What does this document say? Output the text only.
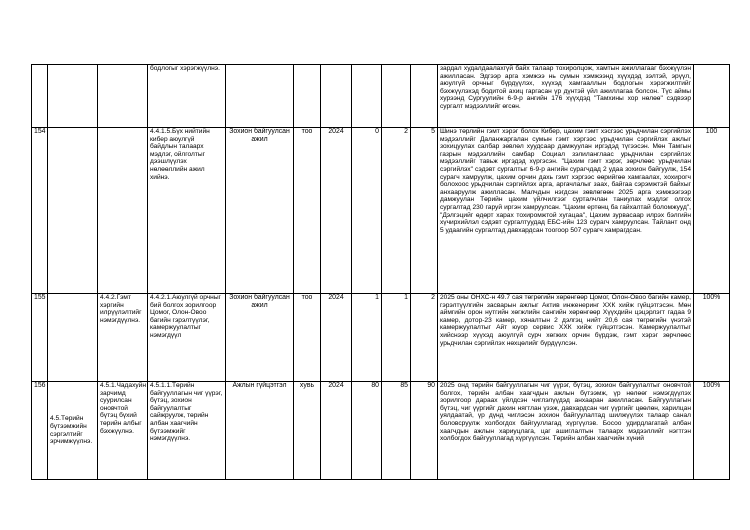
			бодлогыг хэрэгжүүлнэ.							зардал худалдаалахгүй байх талаар тохиролцож, хамтын ажиллагааг бэхжүүлэн ажилласан. Эдгээр арга хэмжээ нь сумын хэмжээнд хүүхдэд зэлтэй, эрүүл, аюулгүй орчныг бүрдүүлэх, хүүхэд хамгааллын бодлогын хэрэгжилтийг бэхжүүлэхэд бодитой ахиц гаргасан үр дүнтэй үйл ажиллагаа болсон. Түс аймы хурээнд Сургуулийн 6-9-р ангийн 176 хүүхдэд "Тамхины хор нөлөө" сэдвээр сургалт мэдээллийг өгсөн.	
154			4.4.1.5.Бүх нийтийн кибер аюулгүй байдлын талаарх мэдлэг, ойлголтыг дээшлүүлэх нөлөөллийн ажил хийнэ.	Зохион байгуулсан ажил	тоо	2024	0	2	5	Шинэ төрлийн гэмт хэрэг болох Кибер, цахим гэмт хэсгээс урьдчилан сэргийлэх мэдээллийг Даланжаргалан сумын гэмт хэргээс урьдчилан сэргийлэх ажлыг зохицуулах салбар зөвлөл хуудсаар дамжуулан иргэдэд түгээсэн. Мөн Тамгын газрын мэдээллийн самбар Социал зэлиланглаас урьдчилан сэргийлэх мэдээллийг тавьж иргэдэд хүргэсэн. "Цахим гэмт хэрэг, зөрчлөөс урьдчилан сэргийлэх" сэдэвт сургалтыг 6-9-р ангийн сурагчдад 2 удаа зохион байгуулж, 154 сурагч хамруулж, цахим орчин дахь гэмт хэргээс өөрийгөө хамгаалах, хохирогч болохоос урьдчилан сэргийлэх арга, аргачлалыг заах, байгаа сэрэмжтэй байхыг анхааруулж ажилласан. Малчдын нэгдсэн зөвлөгөөн 2025 арга хэмжээгээр дамжуулан Төрийн цахим үйлчилгээг сурталчлан таниулах мэдлэг олгох сургалтад 230 гаруй иргэн хамруулсан. "Цахим ертөнц ба гайхалтай боломжууд", "Дэлгэцийг өдөрт харах тохиромжтой хугацаа", Цахим зурвасаар илрэх бэлгийн хүчирхийлэл сэдэвт сургалтуудад ЕБС-ийн 123 сурагч хамруулсан. Тайлант онд 5 удаагийн сургалтад давхардсан тоогоор 507 сурагч хамрагдсан.	100
155		4.4.2.Гэмт хэргийн илрүүлэлтийг нэмэгдүүлнэ.	4.4.2.1.Аюулгүй орчныг бий болгох зорилгоор Цомог, Олон-Овоо багийн гэрэлтүүлэг, камержуулалтыг нэмэгдүүл	Зохион байгуулсан ажил	тоо	2024	1	1	2	2025 оны ОНХС-н 49.7 сая төгрөгийн хөрөнгөөр Цомог, Олон-Овоо багийн камер, гэрэлтүүлгийн засварын ажлыг Актив инженеринг ХХК хийж гүйцэтгэсэн. Мөн аймгийн орон нутгийн хөгжлийн сангийн хөрөнгөөр Хүүхдийн цэцэрлэгт гадаа 9 камер, дотор-23 камер, хяналтын 2 дэлгэц нийт 20,6 сая төгрөгийн үнэтэй камержуулалтыг Айт юуор сервис ХХК хийж гүйцэтгэсэн. Камержуулалтыг хийснээр хүүхэд аюулгүй сурч хөгжих орчин бүрдэж, гэмт хэрэг зөрчлөөс урьдчилан сэргийлэх нөхцөлийг бүрдүүлсэн.	100%
156	4.5.Төрийн бүтээмжийн сэргэлтийг эрчимжүүлнэ.	4.5.1.Чадахуйн зарчимд суурилсан оновчтой бүтэц бүхий төрийн албыг бэхжүүлнэ.	4.5.1.1.Төрийн байгууллагын чиг үүрэг, бүтэц, зохион байгуулалтыг сайжруулж, төрийн албан хаагчийн бүтээмжийг нэмэгдүүлнэ.	Ажлын гүйцэтгэл	хувь	2024	80	85	90	2025 онд төрийн байгууллагын чиг үүрэг, бүтэц, зохион байгуулалтыг оновчтой болгох, төрийн албан хаагчдын ажлын бүтээмж, үр нөлөөг нэмэгдүүлэх зорилгоор дараах үйлдсэн чиглэлүүдэд анхааран ажилласан. Байгууллагын бүтэц, чиг үүргийг дахин нягтлан үзэж, давхардсан чиг үүргийг цөөлөн, харилцан уялдаатай, үр дүнд чиглэсэн зохион байгуулалтад шилжүүлэх талаар санал боловсруулж холбогдох байгууллагад хүргүүлэв. Босоо удирдлагатай албан хаагчдын ажлын хариуцлага, цаг ашиглалтын талаарх мэдээллийг нэгтгэн холбогдох байгууллагад хүргүүлсэн. Төрийн албан хаагчийн хүний	100%
